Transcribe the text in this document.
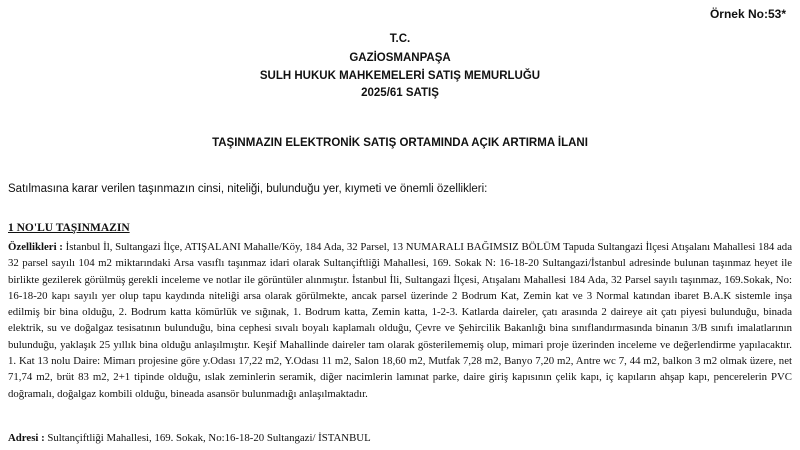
Örnek No:53*
T.C.
GAZİOSMANPAŞA
SULH HUKUK MAHKEMELERİ SATIŞ MEMURLUĞU
2025/61 SATIŞ
TAŞINMAZIN ELEKTRONİK SATIŞ ORTAMINDA AÇIK ARTIRMA İLANI
Satılmasına karar verilen taşınmazın cinsi, niteliği, bulunduğu yer, kıymeti ve önemli özellikleri:
1 NO'LU TAŞINMAZIN
Özellikleri : İstanbul İl, Sultangazi İlçe, ATIŞALANI Mahalle/Köy, 184 Ada, 32 Parsel, 13 NUMARALI BAĞIMSIZ BÖLÜM Tapuda Sultangazi İlçesi Atışalanı Mahallesi 184 ada 32 parsel sayılı 104 m2 miktarındaki Arsa vasıflı taşınmaz idari olarak Sultançiftliği Mahallesi, 169. Sokak N: 16-18-20 Sultangazi/İstanbul adresinde bulunan taşınmaz heyet ile birlikte gezilerek görülmüş gerekli inceleme ve notlar ile görüntüler alınmıştır. İstanbul İli, Sultangazi İlçesi, Atışalanı Mahallesi 184 Ada, 32 Parsel sayılı taşınmaz, 169.Sokak, No: 16-18-20 kapı sayılı yer olup tapu kaydında niteliği arsa olarak görülmekte, ancak parsel üzerinde 2 Bodrum Kat, Zemin kat ve 3 Normal katından ibaret B.A.K sistemle inşa edilmiş bir bina olduğu, 2. Bodrum katta kömürlük ve sığınak, 1. Bodrum katta, Zemin katta, 1-2-3. Katlarda daireler, çatı arasında 2 daireye ait çatı piyesi bulunduğu, binada elektrik, su ve doğalgaz tesisatının bulunduğu, bina cephesi sıvalı boyalı kaplamalı olduğu, Çevre ve Şehircilik Bakanlığı bina sınıflandırmasında binanın 3/B sınıfı imalatlarının bulunduğu, yaklaşık 25 yıllık bina olduğu anlaşılmıştır. Keşif Mahallinde daireler tam olarak gösterilememiş olup, mimari proje üzerinden inceleme ve değerlendirme yapılacaktır. 1. Kat 13 nolu Daire: Mimarı projesine göre y.Odası 17,22 m2, Y.Odası 11 m2, Salon 18,60 m2, Mutfak 7,28 m2, Banyo 7,20 m2, Antre wc 7, 44 m2, balkon 3 m2 olmak üzere, net 71,74 m2, brüt 83 m2, 2+1 tipinde olduğu, ıslak zeminlerin seramik, diğer nacimlerin lamınat parke, daire giriş kapısının çelik kapı, iç kapıların ahşap kapı, pencerelerin PVC doğramalı, doğalgaz kombili olduğu, bineada asansör bulunmadığı anlaşılmaktadır.
Adresi : Sultançiftliği Mahallesi, 169. Sokak, No:16-18-20 Sultangazi/ İSTANBUL
